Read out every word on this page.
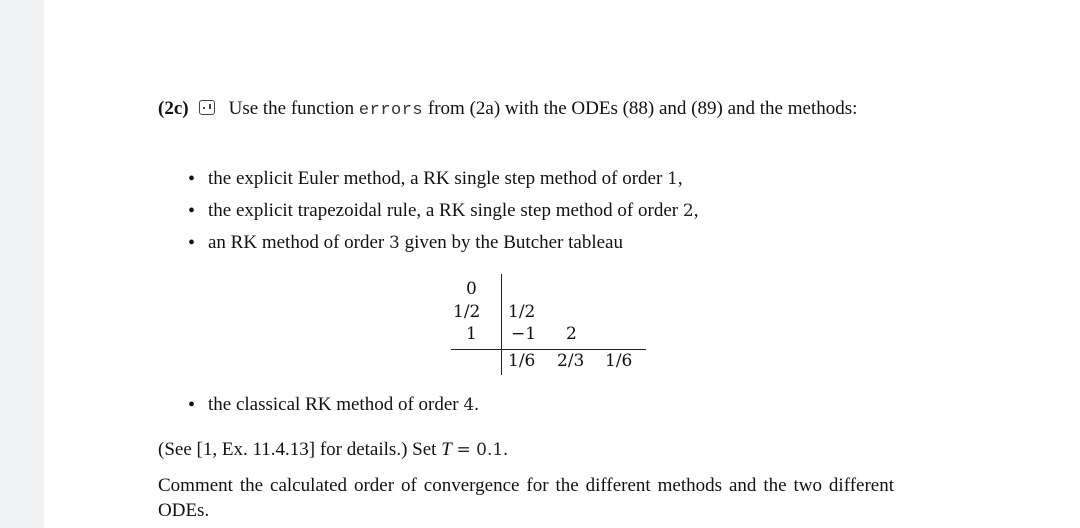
(2c) Use the function errors from (2a) with the ODEs (88) and (89) and the methods:
• the explicit Euler method, a RK single step method of order 1,
• the explicit trapezoidal rule, a RK single step method of order 2,
• an RK method of order 3 given by the Butcher tableau
0
1/2
1
1/2
−1 2
1/6 2/3 1/6
• the classical RK method of order 4.
(See [1, Ex. 11.4.13] for details.) Set T = 0.1.
Comment the calculated order of convergence for the different methods and the two different ODEs.
